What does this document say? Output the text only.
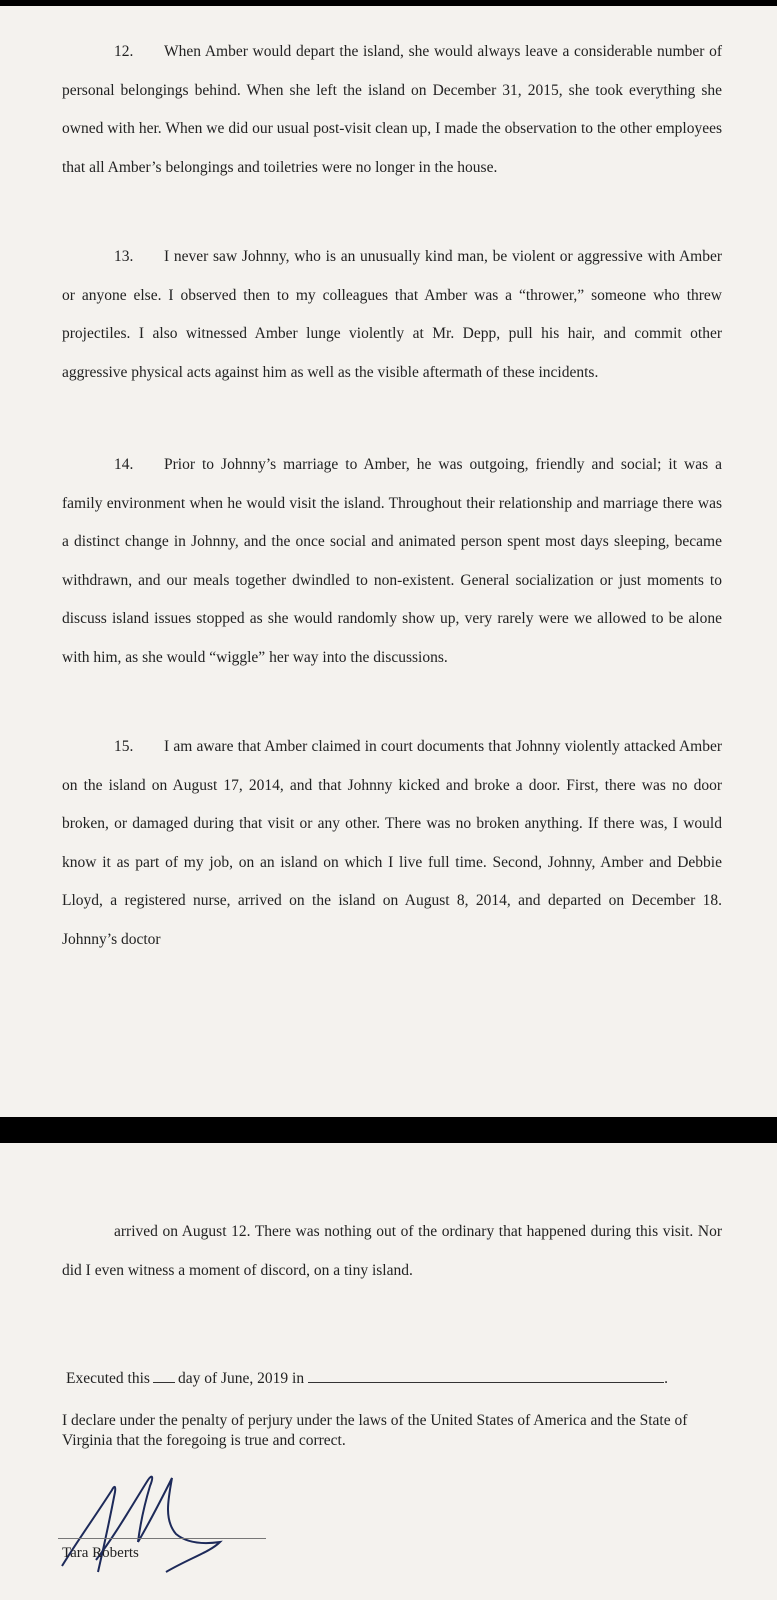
12. When Amber would depart the island, she would always leave a considerable number of personal belongings behind. When she left the island on December 31, 2015, she took everything she owned with her. When we did our usual post-visit clean up, I made the observation to the other employees that all Amber’s belongings and toiletries were no longer in the house.

13. I never saw Johnny, who is an unusually kind man, be violent or aggressive with Amber or anyone else. I observed then to my colleagues that Amber was a “thrower,” someone who threw projectiles. I also witnessed Amber lunge violently at Mr. Depp, pull his hair, and commit other aggressive physical acts against him as well as the visible aftermath of these incidents.

14. Prior to Johnny’s marriage to Amber, he was outgoing, friendly and social; it was a family environment when he would visit the island. Throughout their relationship and marriage there was a distinct change in Johnny, and the once social and animated person spent most days sleeping, became withdrawn, and our meals together dwindled to non-existent. General socialization or just moments to discuss island issues stopped as she would randomly show up, very rarely were we allowed to be alone with him, as she would “wiggle” her way into the discussions.

15. I am aware that Amber claimed in court documents that Johnny violently attacked Amber on the island on August 17, 2014, and that Johnny kicked and broke a door. First, there was no door broken, or damaged during that visit or any other. There was no broken anything. If there was, I would know it as part of my job, on an island on which I live full time. Second, Johnny, Amber and Debbie Lloyd, a registered nurse, arrived on the island on August 8, 2014, and departed on December 18. Johnny’s doctor

arrived on August 12. There was nothing out of the ordinary that happened during this visit. Nor did I even witness a moment of discord, on a tiny island.

Executed this day of June, 2019 in	.

I declare under the penalty of perjury under the laws of the United States of America and the State of Virginia that the foregoing is true and correct.

Tara Roberts
